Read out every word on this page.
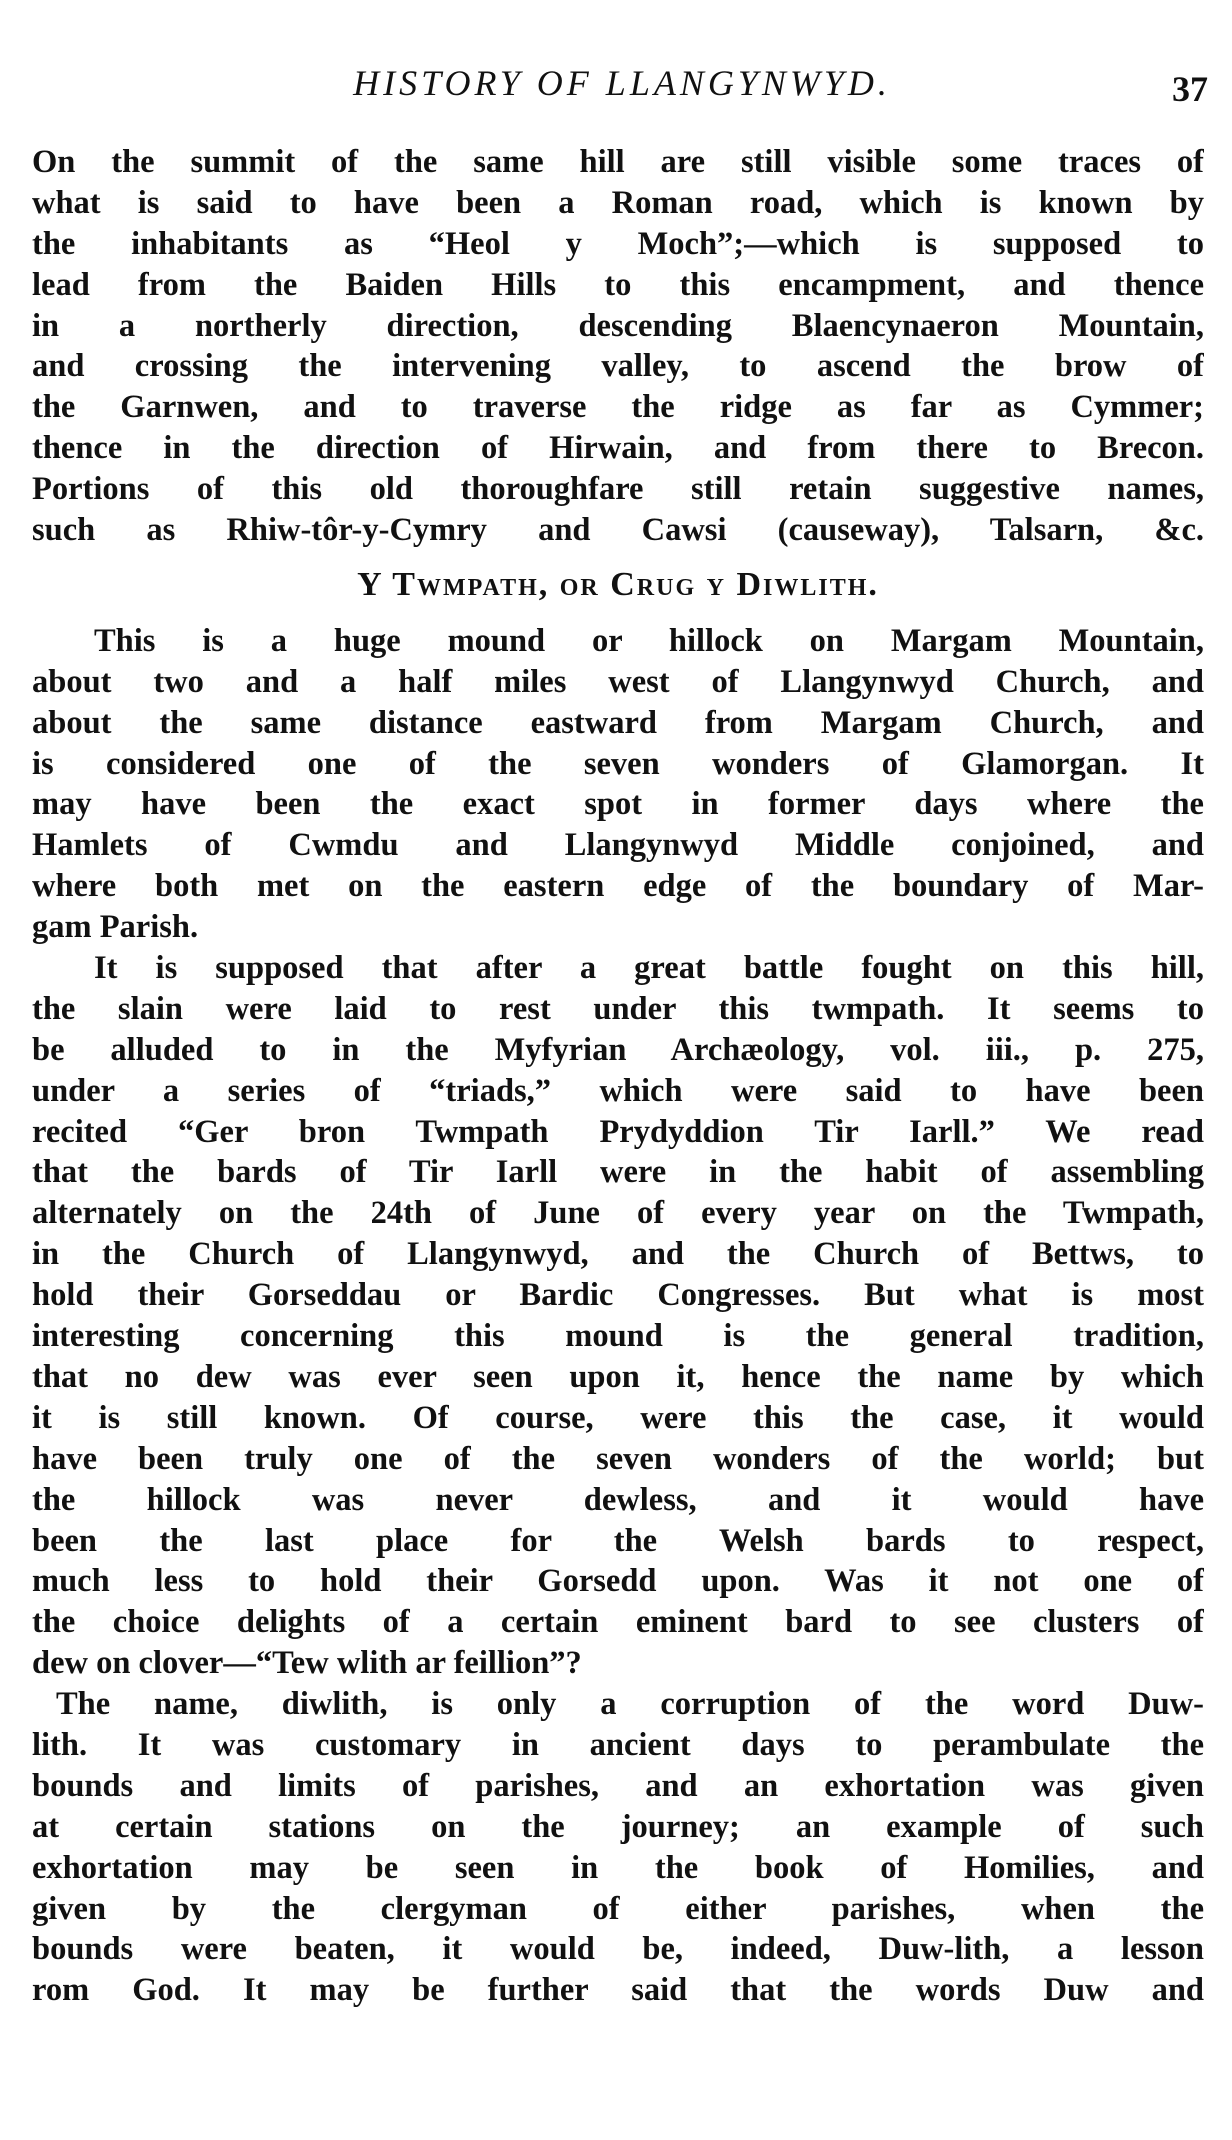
HISTORY OF LLANGYNWYD.	37
On the summit of the same hill are still visible some traces of
what is said to have been a Roman road, which is known by
the inhabitants as “Heol y Moch”;—which is supposed to
lead from the Baiden Hills to this encampment, and thence
in a northerly direction, descending Blaencynaeron Mountain,
and crossing the intervening valley, to ascend the brow of
the Garnwen, and to traverse the ridge as far as Cymmer;
thence in the direction of Hirwain, and from there to Brecon.
Portions of this old thoroughfare still retain suggestive names,
such as Rhiw-tôr-y-Cymry and Cawsi (causeway), Talsarn, &c.
Y Twmpath, or Crug y Diwlith.
This is a huge mound or hillock on Margam Mountain,
about two and a half miles west of Llangynwyd Church, and
about the same distance eastward from Margam Church, and
is considered one of the seven wonders of Glamorgan. It
may have been the exact spot in former days where the
Hamlets of Cwmdu and Llangynwyd Middle conjoined, and
where both met on the eastern edge of the boundary of Mar-
gam Parish.
It is supposed that after a great battle fought on this hill,
the slain were laid to rest under this twmpath. It seems to
be alluded to in the Myfyrian Archæology, vol. iii., p. 275,
under a series of “triads,” which were said to have been
recited “Ger bron Twmpath Prydyddion Tir Iarll.” We read
that the bards of Tir Iarll were in the habit of assembling
alternately on the 24th of June of every year on the Twmpath,
in the Church of Llangynwyd, and the Church of Bettws, to
hold their Gorseddau or Bardic Congresses. But what is most
interesting concerning this mound is the general tradition,
that no dew was ever seen upon it, hence the name by which
it is still known. Of course, were this the case, it would
have been truly one of the seven wonders of the world; but
the hillock was never dewless, and it would have
been the last place for the Welsh bards to respect,
much less to hold their Gorsedd upon. Was it not one of
the choice delights of a certain eminent bard to see clusters of
dew on clover—“Tew wlith ar feillion”?
The name, diwlith, is only a corruption of the word Duw-
lith. It was customary in ancient days to perambulate the
bounds and limits of parishes, and an exhortation was given
at certain stations on the journey; an example of such
exhortation may be seen in the book of Homilies, and
given by the clergyman of either parishes, when the
bounds were beaten, it would be, indeed, Duw-lith, a lesson
rom God. It may be further said that the words Duw and
